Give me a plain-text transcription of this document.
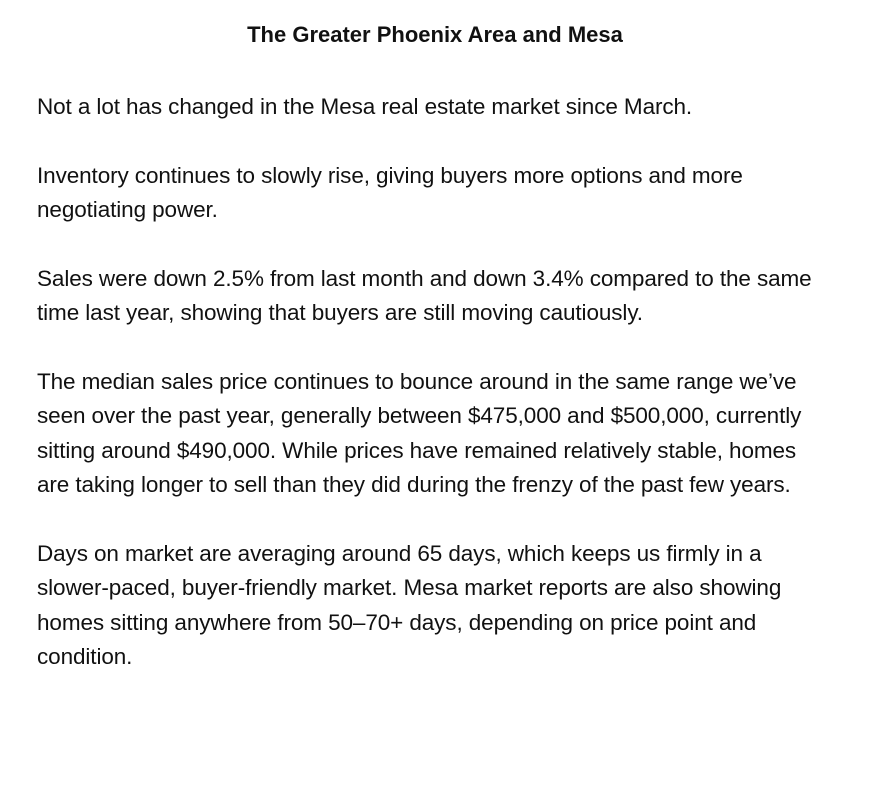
The Greater Phoenix Area and Mesa

Not a lot has changed in the Mesa real estate market since March.

Inventory continues to slowly rise, giving buyers more options and more negotiating power.

Sales were down 2.5% from last month and down 3.4% compared to the same time last year, showing that buyers are still moving cautiously.

The median sales price continues to bounce around in the same range we’ve seen over the past year, generally between $475,000 and $500,000, currently sitting around $490,000. While prices have remained relatively stable, homes are taking longer to sell than they did during the frenzy of the past few years.

Days on market are averaging around 65 days, which keeps us firmly in a slower-paced, buyer-friendly market. Mesa market reports are also showing homes sitting anywhere from 50–70+ days, depending on price point and condition.
